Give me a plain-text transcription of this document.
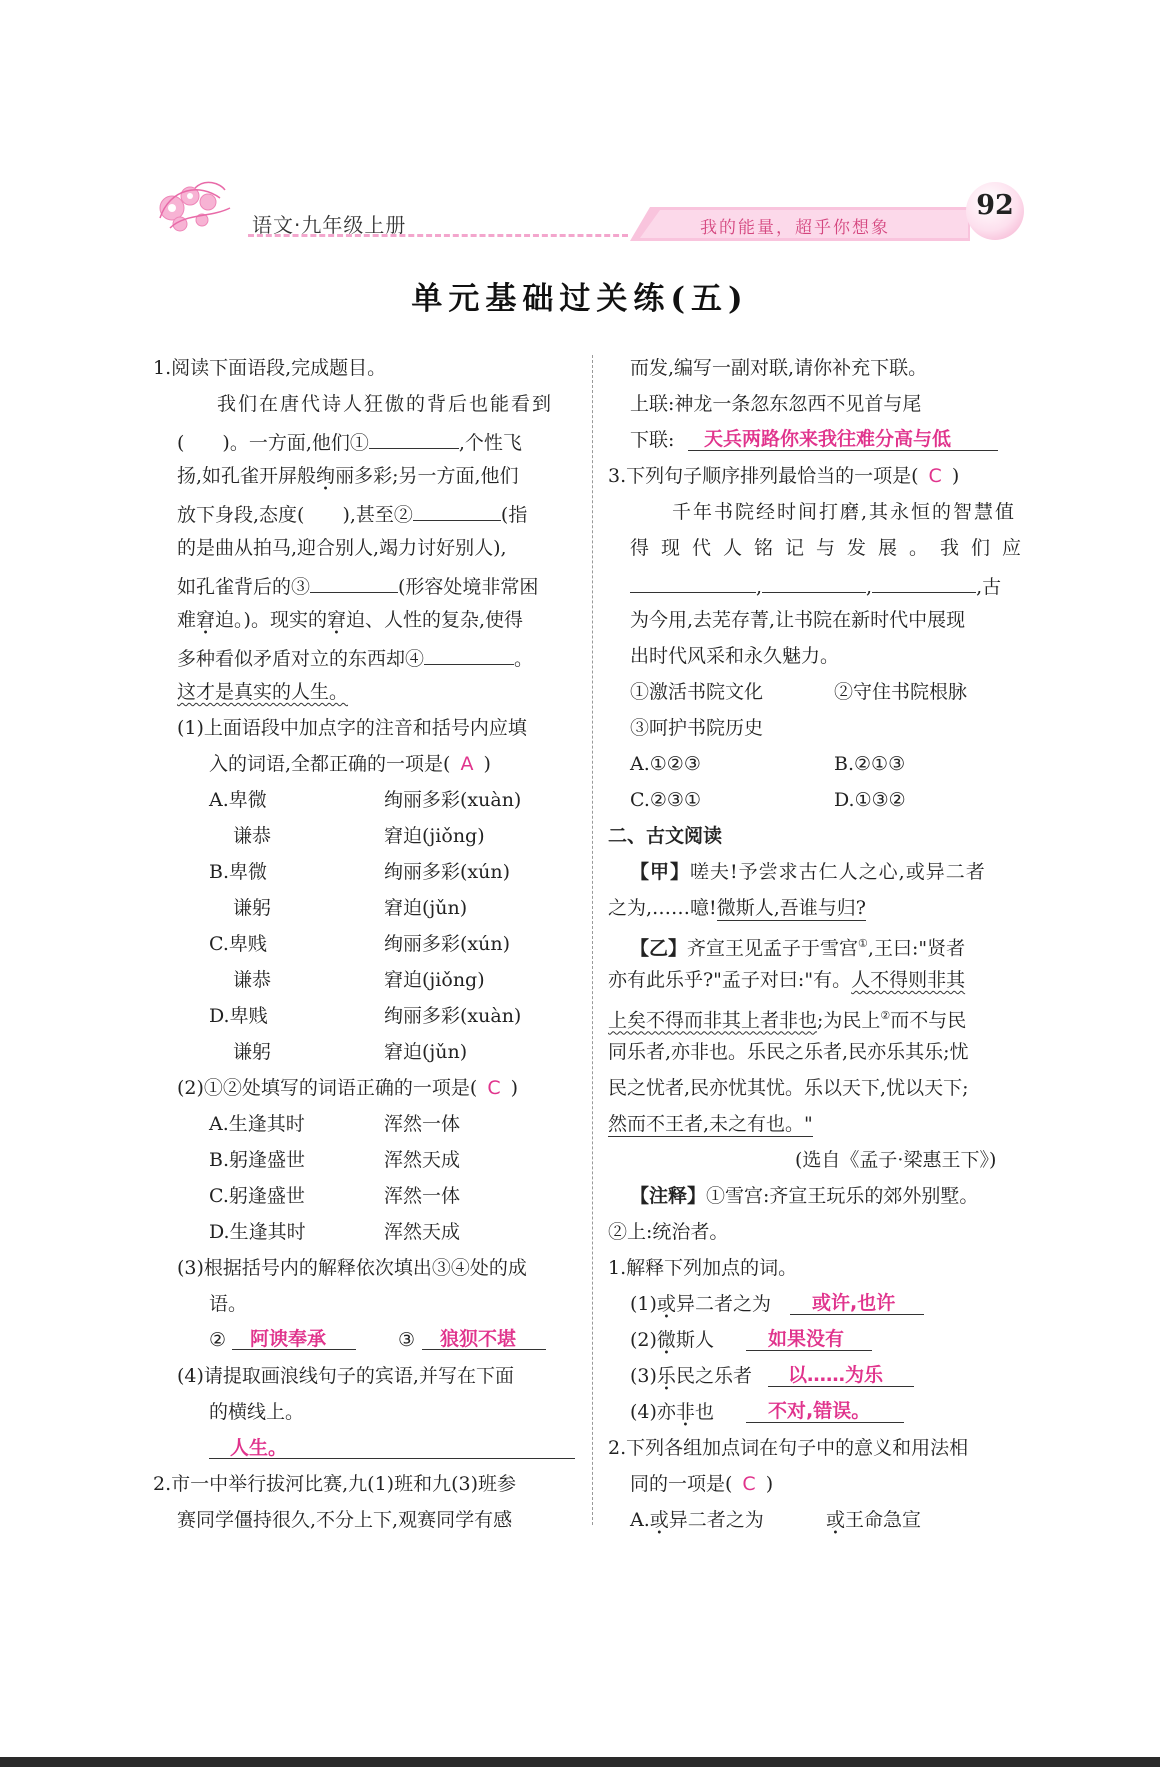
语文·九年级上册	我的能量，超乎你想象
92
单元基础过关练(五)
1.阅读下面语段,完成题目。
我们在唐代诗人狂傲的背后也能看到
(　　)。一方面,他们①	,个性飞
扬,如孔雀开屏般绚丽多彩;另一方面,他们
放下身段,态度(　　),甚至②	(指
的是曲从拍马,迎合别人,竭力讨好别人),
如孔雀背后的③	(形容处境非常困
难窘迫。)。现实的窘迫、人性的复杂,使得
多种看似矛盾对立的东西却④	。
这才是真实的人生。
(1)上面语段中加点字的注音和括号内应填
入的词语,全都正确的一项是( A )
A.卑微	绚丽多彩(xuàn)
谦恭	窘迫(jiǒng)
B.卑微	绚丽多彩(xún)
谦躬	窘迫(jǔn)
C.卑贱	绚丽多彩(xún)
谦恭	窘迫(jiǒng)
D.卑贱	绚丽多彩(xuàn)
谦躬	窘迫(jǔn)
(2)①②处填写的词语正确的一项是( C )
A.生逢其时	浑然一体
B.躬逢盛世	浑然天成
C.躬逢盛世	浑然一体
D.生逢其时	浑然天成
(3)根据括号内的解释依次填出③④处的成
语。
② 阿谀奉承	③ 狼狈不堪
(4)请提取画浪线句子的宾语,并写在下面
的横线上。
人生。
2.市一中举行拔河比赛,九(1)班和九(3)班参
赛同学僵持很久,不分上下,观赛同学有感
而发,编写一副对联,请你补充下联。
上联:神龙一条忽东忽西不见首与尾
下联: 天兵两路你来我往难分高与低
3.下列句子顺序排列最恰当的一项是( C )
千年书院经时间打磨,其永恒的智慧值
得现代人铭记与发展。我们应
,	,	,古
为今用,去芜存菁,让书院在新时代中展现
出时代风采和永久魅力。
①激活书院文化	②守住书院根脉
③呵护书院历史
A.①②③	B.②①③
C.②③①	D.①③②
二、古文阅读
【甲】嗟夫!予尝求古仁人之心,或异二者
之为,……噫!微斯人,吾谁与归?
【乙】齐宣王见孟子于雪宫①,王曰:"贤者
亦有此乐乎?"孟子对曰:"有。人不得则非其
上矣不得而非其上者非也;为民上②而不与民
同乐者,亦非也。乐民之乐者,民亦乐其乐;忧
民之忧者,民亦忧其忧。乐以天下,忧以天下;
然而不王者,未之有也。"
(选自《孟子·梁惠王下》)
【注释】①雪宫:齐宣王玩乐的郊外别墅。
②上:统治者。
1.解释下列加点的词。
(1)或异二者之为 或许,也许
(2)微斯人	如果没有
(3)乐民之乐者 以……为乐
(4)亦非也	不对,错误。
2.下列各组加点词在句子中的意义和用法相
同的一项是( C )
A.或异二者之为	或王命急宣
